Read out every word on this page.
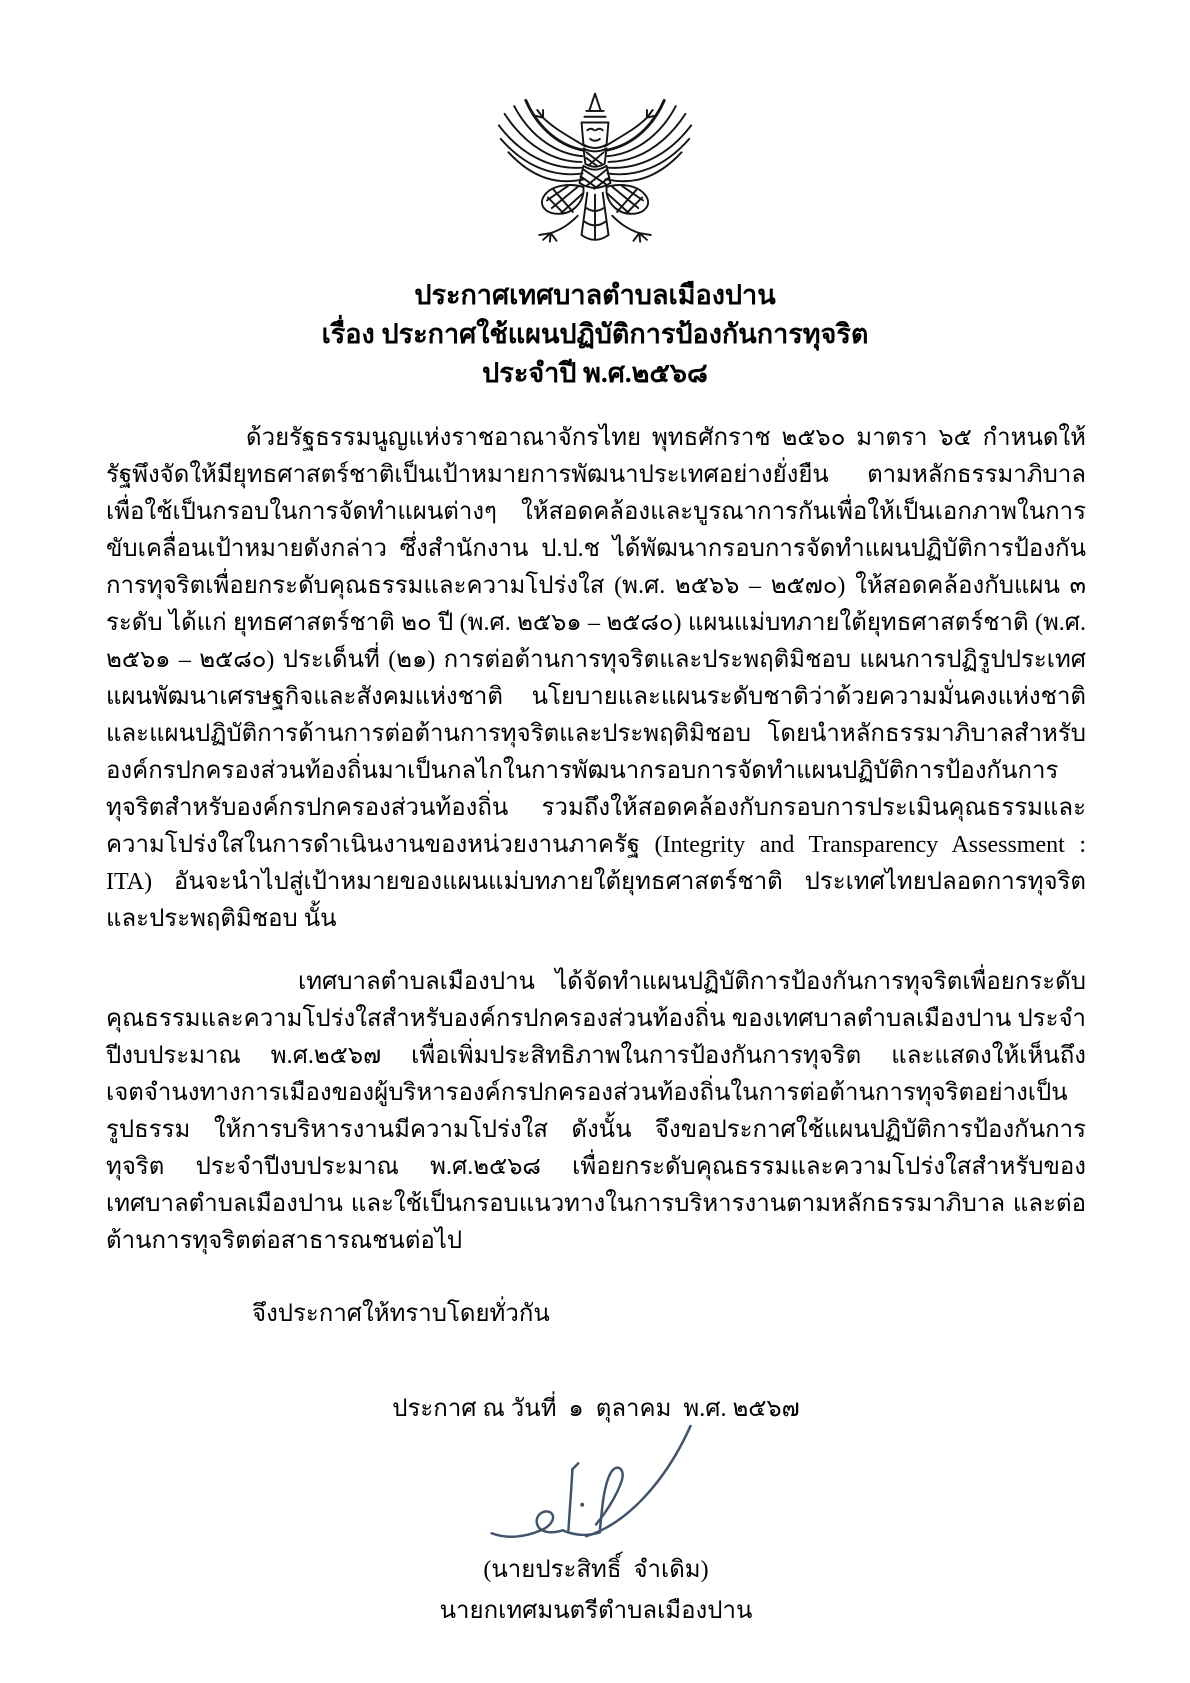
ประกาศเทศบาลตำบลเมืองปาน
เรื่อง ประกาศใช้แผนปฏิบัติการป้องกันการทุจริต
ประจำปี พ.ศ.๒๕๖๘

ด้วยรัฐธรรมนูญแห่งราชอาณาจักรไทย พุทธศักราช ๒๕๖๐ มาตรา ๖๕ กำหนดให้รัฐพึงจัดให้มียุทธศาสตร์ชาติเป็นเป้าหมายการพัฒนาประเทศอย่างยั่งยืน ตามหลักธรรมาภิบาลเพื่อใช้เป็นกรอบในการจัดทำแผนต่างๆ ให้สอดคล้องและบูรณาการกันเพื่อให้เป็นเอกภาพในการขับเคลื่อนเป้าหมายดังกล่าว ซึ่งสำนักงาน ป.ป.ช ได้พัฒนากรอบการจัดทำแผนปฏิบัติการป้องกันการทุจริตเพื่อยกระดับคุณธรรมและความโปร่งใส (พ.ศ. ๒๕๖๖ – ๒๕๗๐) ให้สอดคล้องกับแผน ๓ ระดับ ได้แก่ ยุทธศาสตร์ชาติ ๒๐ ปี (พ.ศ. ๒๕๖๑ – ๒๕๘๐) แผนแม่บทภายใต้ยุทธศาสตร์ชาติ (พ.ศ. ๒๕๖๑ – ๒๕๘๐) ประเด็นที่ (๒๑) การต่อต้านการทุจริตและประพฤติมิชอบ แผนการปฏิรูปประเทศ แผนพัฒนาเศรษฐกิจและสังคมแห่งชาติ นโยบายและแผนระดับชาติว่าด้วยความมั่นคงแห่งชาติ และแผนปฏิบัติการด้านการต่อต้านการทุจริตและประพฤติมิชอบ โดยนำหลักธรรมาภิบาลสำหรับองค์กรปกครองส่วนท้องถิ่นมาเป็นกลไกในการพัฒนากรอบการจัดทำแผนปฏิบัติการป้องกันการทุจริตสำหรับองค์กรปกครองส่วนท้องถิ่น รวมถึงให้สอดคล้องกับกรอบการประเมินคุณธรรมและความโปร่งใสในการดำเนินงานของหน่วยงานภาครัฐ (Integrity and Transparency Assessment : ITA) อันจะนำไปสู่เป้าหมายของแผนแม่บทภายใต้ยุทธศาสตร์ชาติ ประเทศไทยปลอดการทุจริตและประพฤติมิชอบ นั้น

เทศบาลตำบลเมืองปาน ได้จัดทำแผนปฏิบัติการป้องกันการทุจริตเพื่อยกระดับคุณธรรมและความโปร่งใสสำหรับองค์กรปกครองส่วนท้องถิ่น ของเทศบาลตำบลเมืองปาน ประจำปีงบประมาณ พ.ศ.๒๕๖๗ เพื่อเพิ่มประสิทธิภาพในการป้องกันการทุจริต และแสดงให้เห็นถึงเจตจำนงทางการเมืองของผู้บริหารองค์กรปกครองส่วนท้องถิ่นในการต่อต้านการทุจริตอย่างเป็นรูปธรรม ให้การบริหารงานมีความโปร่งใส ดังนั้น จึงขอประกาศใช้แผนปฏิบัติการป้องกันการทุจริต ประจำปีงบประมาณ พ.ศ.๒๕๖๘ เพื่อยกระดับคุณธรรมและความโปร่งใสสำหรับของเทศบาลตำบลเมืองปาน และใช้เป็นกรอบแนวทางในการบริหารงานตามหลักธรรมาภิบาล และต่อต้านการทุจริตต่อสาธารณชนต่อไป

จึงประกาศให้ทราบโดยทั่วกัน

ประกาศ ณ วันที่  ๑  ตุลาคม  พ.ศ. ๒๕๖๗

(นายประสิทธิ์  จำเดิม)

นายกเทศมนตรีตำบลเมืองปาน
